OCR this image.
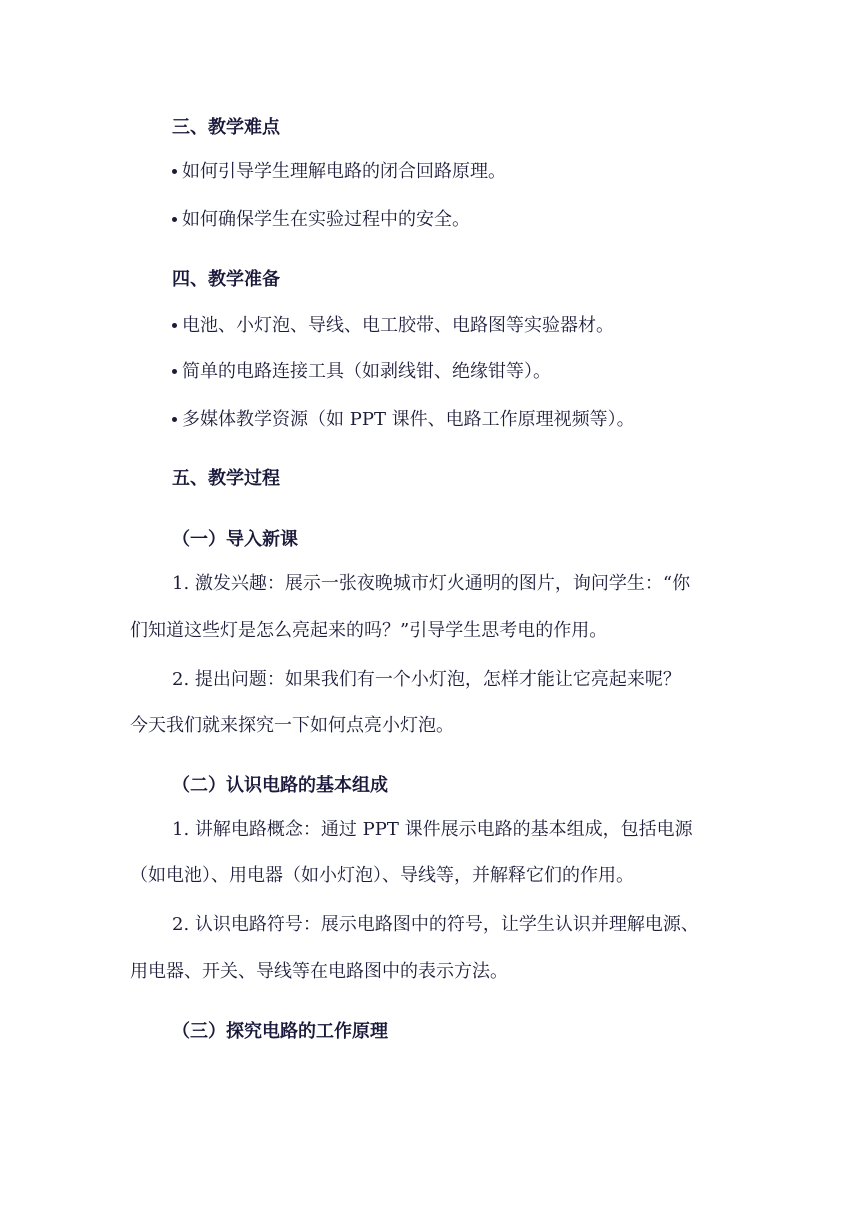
三、教学难点
如何引导学生理解电路的闭合回路原理。
如何确保学生在实验过程中的安全。
四、教学准备
电池、小灯泡、导线、电工胶带、电路图等实验器材。
简单的电路连接工具（如剥线钳、绝缘钳等）。
多媒体教学资源（如 PPT 课件、电路工作原理视频等）。
五、教学过程
（一）导入新课
1. 激发兴趣：展示一张夜晚城市灯火通明的图片，询问学生：“你
们知道这些灯是怎么亮起来的吗？”引导学生思考电的作用。
2. 提出问题：如果我们有一个小灯泡，怎样才能让它亮起来呢？
今天我们就来探究一下如何点亮小灯泡。
（二）认识电路的基本组成
1. 讲解电路概念：通过 PPT 课件展示电路的基本组成，包括电源
（如电池）、用电器（如小灯泡）、导线等，并解释它们的作用。
2. 认识电路符号：展示电路图中的符号，让学生认识并理解电源、
用电器、开关、导线等在电路图中的表示方法。
（三）探究电路的工作原理
